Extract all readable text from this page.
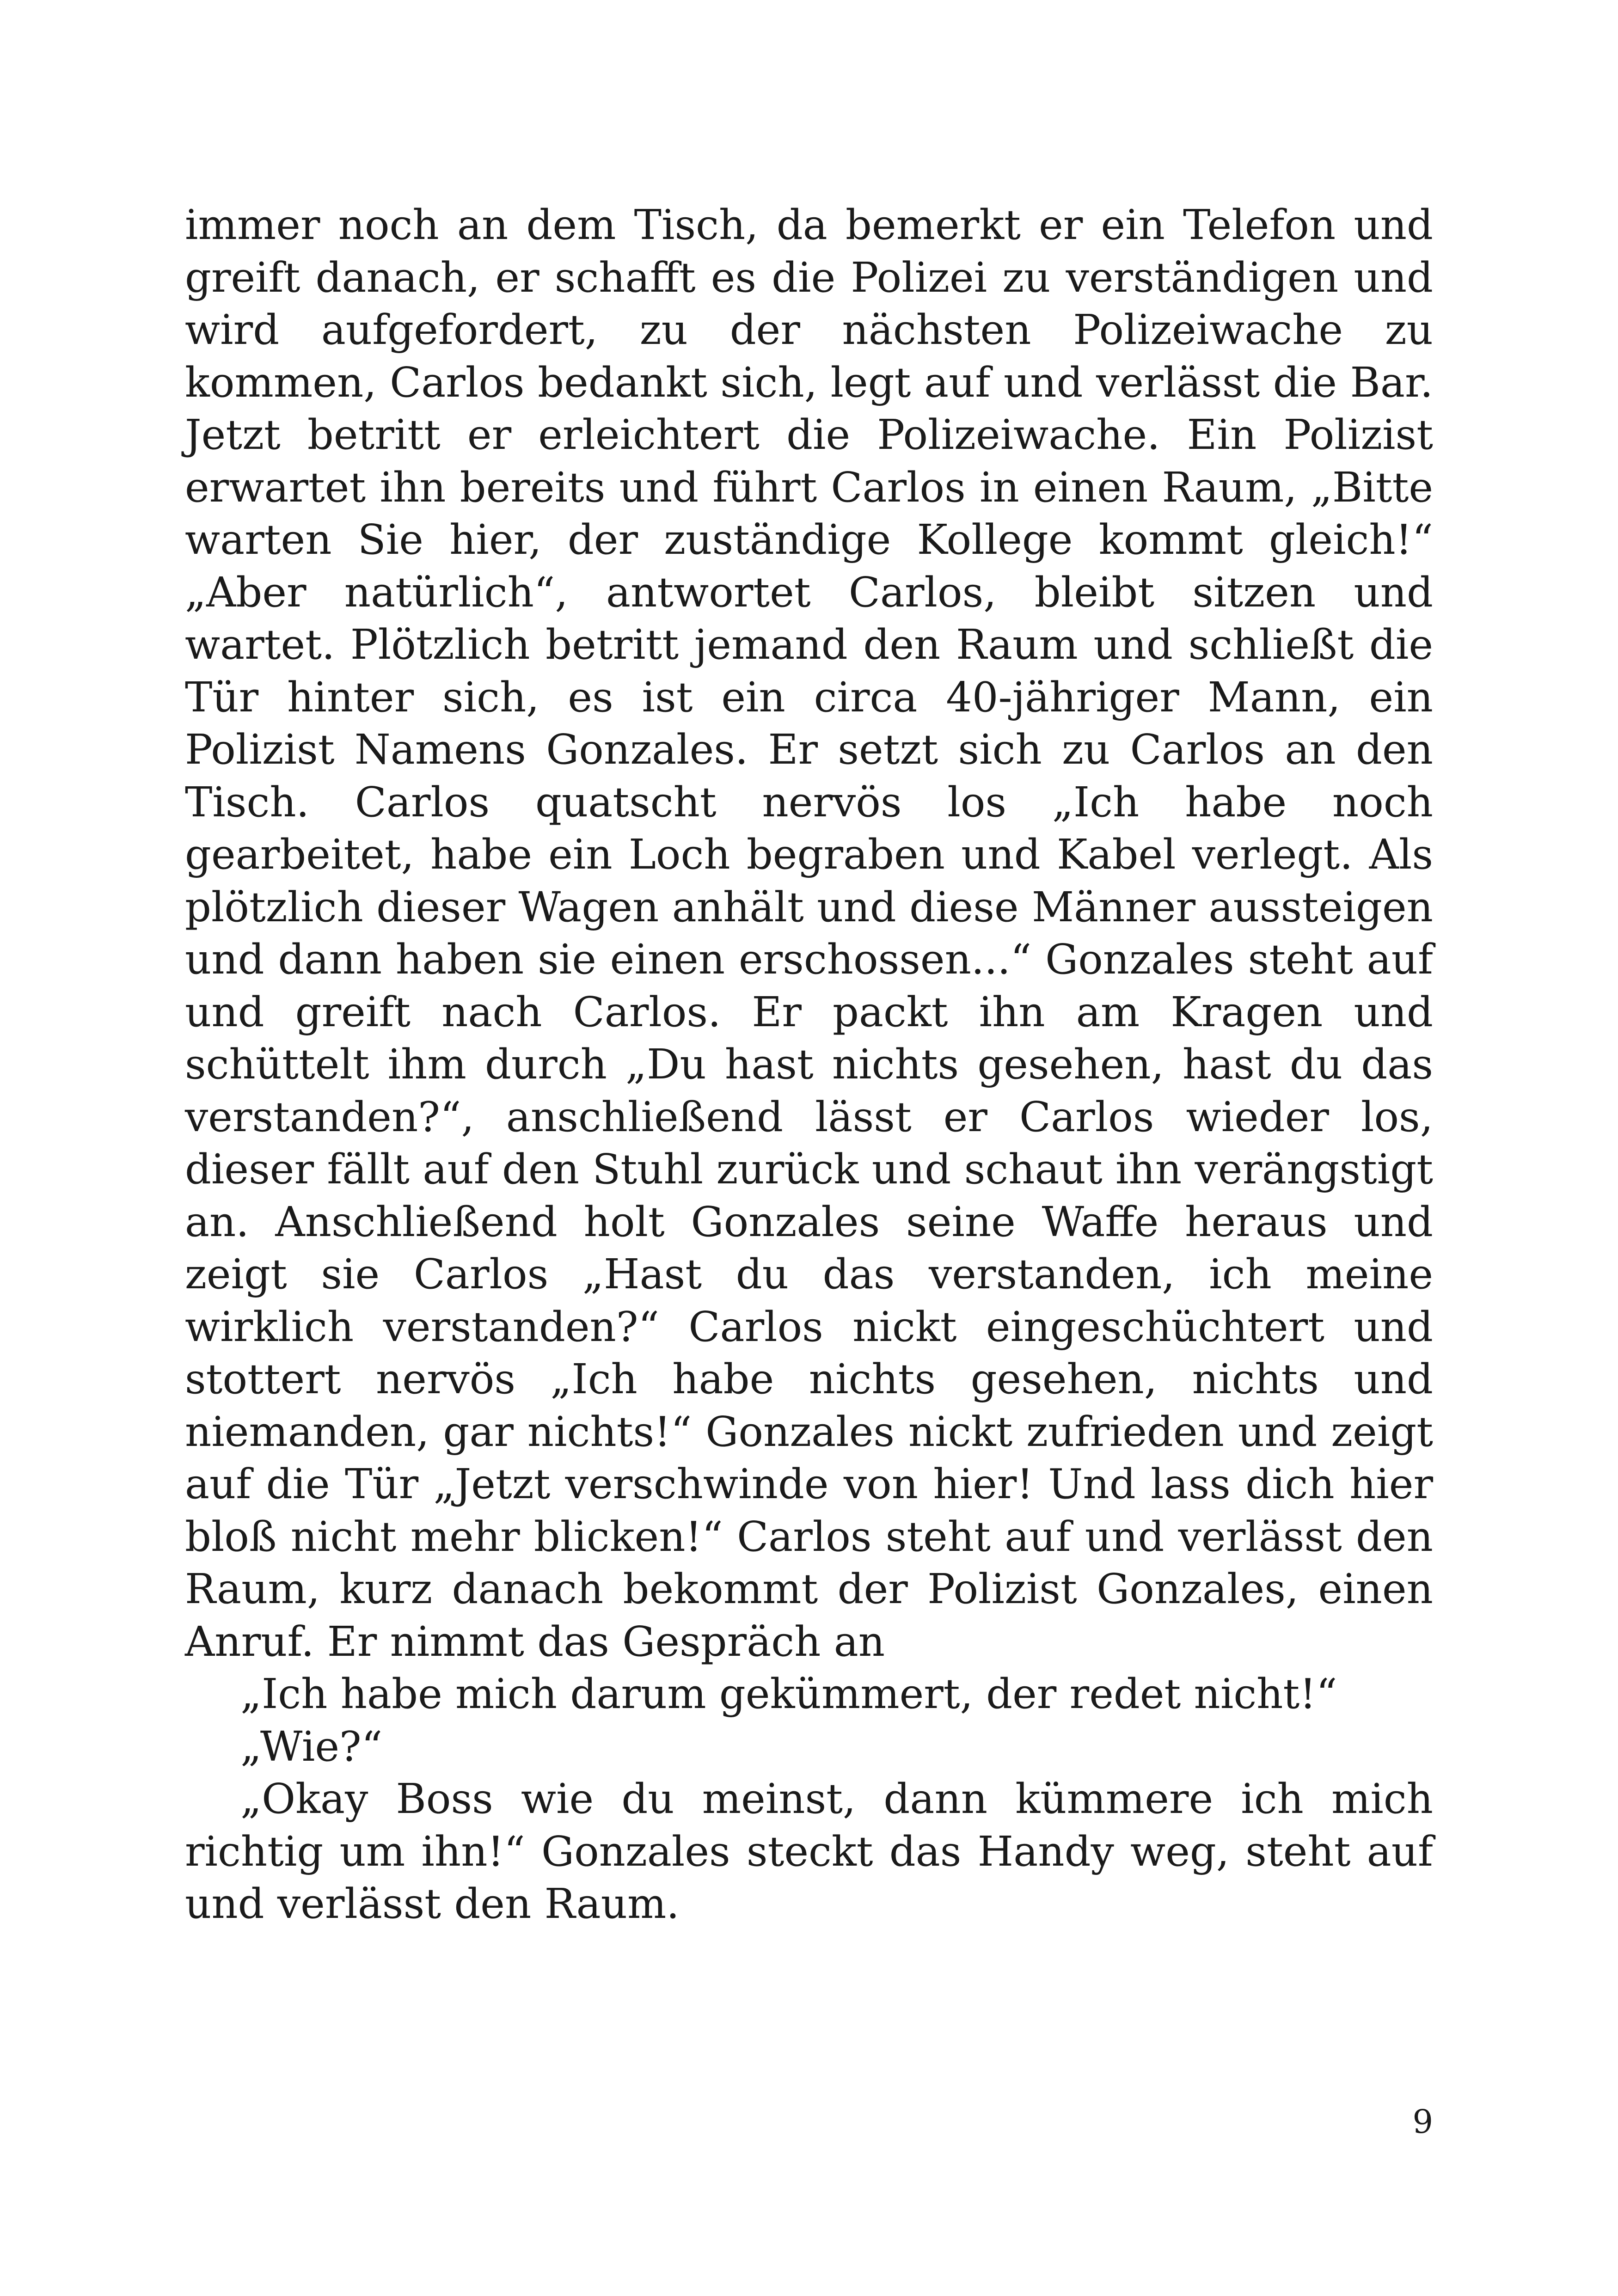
immer noch an dem Tisch, da bemerkt er ein Telefon und greift danach, er schafft es die Polizei zu verständigen und wird aufgefordert, zu der nächsten Polizeiwache zu kommen, Carlos bedankt sich, legt auf und verlässt die Bar. Jetzt betritt er erleichtert die Polizeiwache. Ein Polizist erwartet ihn bereits und führt Carlos in einen Raum, „Bitte warten Sie hier, der zuständige Kollege kommt gleich!“ „Aber natürlich“, antwortet Carlos, bleibt sitzen und wartet. Plötzlich betritt jemand den Raum und schließt die Tür hinter sich, es ist ein circa 40-jähriger Mann, ein Polizist Namens Gonzales. Er setzt sich zu Carlos an den Tisch. Carlos quatscht nervös los „Ich habe noch gearbeitet, habe ein Loch begraben und Kabel verlegt. Als plötzlich dieser Wagen anhält und diese Männer aussteigen und dann haben sie einen erschossen...“ Gonzales steht auf und greift nach Carlos. Er packt ihn am Kragen und schüttelt ihm durch „Du hast nichts gesehen, hast du das verstanden?“, anschließend lässt er Carlos wieder los, dieser fällt auf den Stuhl zurück und schaut ihn verängstigt an. Anschließend holt Gonzales seine Waffe heraus und zeigt sie Carlos „Hast du das verstanden, ich meine wirklich verstanden?“ Carlos nickt eingeschüchtert und stottert nervös „Ich habe nichts gesehen, nichts und niemanden, gar nichts!“ Gonzales nickt zufrieden und zeigt auf die Tür „Jetzt verschwinde von hier! Und lass dich hier bloß nicht mehr blicken!“ Carlos steht auf und verlässt den Raum, kurz danach bekommt der Polizist Gonzales, einen Anruf. Er nimmt das Gespräch an

„Ich habe mich darum gekümmert, der redet nicht!“

„Wie?“

„Okay Boss wie du meinst, dann kümmere ich mich richtig um ihn!“ Gonzales steckt das Handy weg, steht auf und verlässt den Raum.

9
